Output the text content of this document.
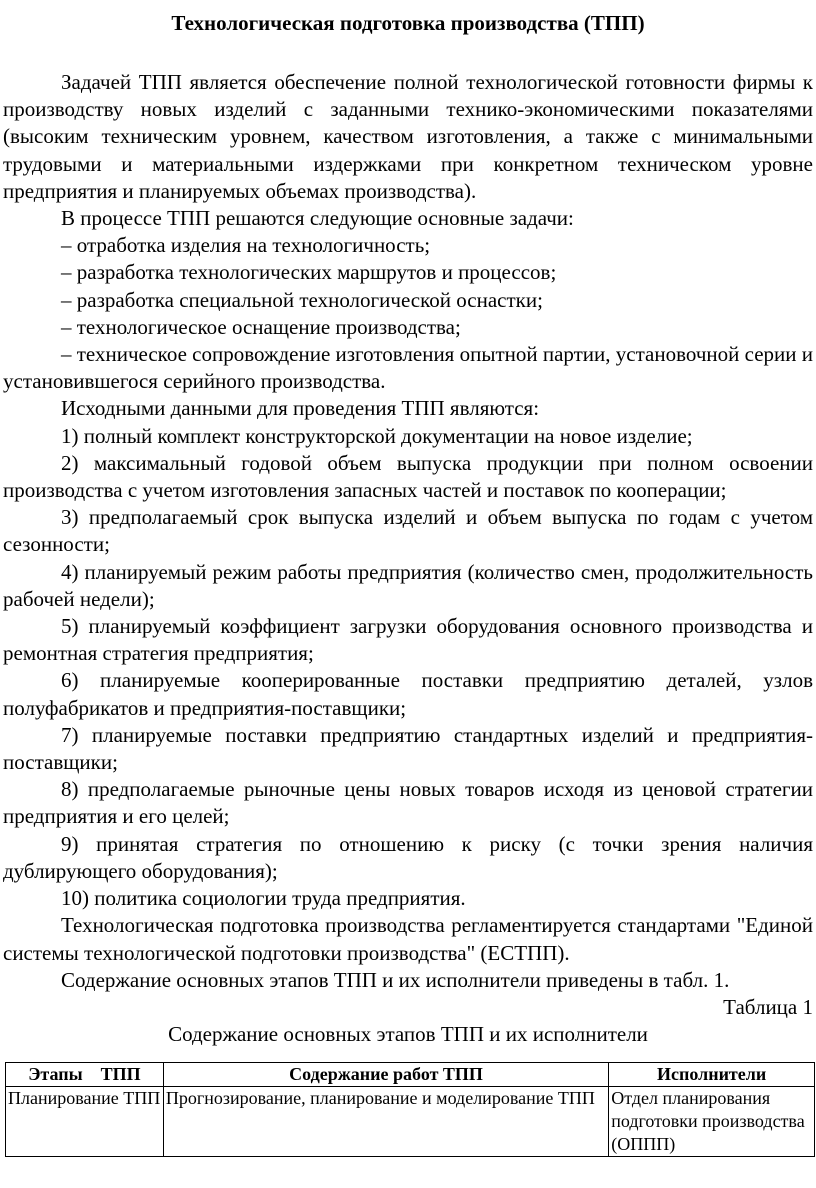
Технологическая подготовка производства (ТПП)

Задачей ТПП является обеспечение полной технологической готовности фирмы к производству новых изделий с заданными технико-экономическими показателями (высоким техническим уровнем, качеством изготовления, а также с минимальными трудовыми и материальными издержками при конкретном техническом уровне предприятия и планируемых объемах производства).

В процессе ТПП решаются следующие основные задачи:

– отработка изделия на технологичность;

– разработка технологических маршрутов и процессов;

– разработка специальной технологической оснастки;

– технологическое оснащение производства;

– техническое сопровождение изготовления опытной партии, установочной серии и установившегося серийного производства.

Исходными данными для проведения ТПП являются:

1) полный комплект конструкторской документации на новое изделие;

2) максимальный годовой объем выпуска продукции при полном освоении производства с учетом изготовления запасных частей и поставок по кооперации;

3) предполагаемый срок выпуска изделий и объем выпуска по годам с учетом сезонности;

4) планируемый режим работы предприятия (количество смен, продолжительность рабочей недели);

5) планируемый коэффициент загрузки оборудования основного производства и ремонтная стратегия предприятия;

6) планируемые кооперированные поставки предприятию деталей, узлов полуфабрикатов и предприятия-поставщики;

7) планируемые поставки предприятию стандартных изделий и предприятия-поставщики;

8) предполагаемые рыночные цены новых товаров исходя из ценовой стратегии предприятия и его целей;

9) принятая стратегия по отношению к риску (с точки зрения наличия дублирующего оборудования);

10) политика социологии труда предприятия.

Технологическая подготовка производства регламентируется стандартами "Единой системы технологической подготовки производства" (ЕСТПП).

Содержание основных этапов ТПП и их исполнители приведены в табл. 1.

Таблица 1

Содержание основных этапов ТПП и их исполнители

Этапы    ТПП	Содержание работ ТПП	Исполнители
Планирование ТПП	Прогнозирование, планирование и моделирование ТПП	Отдел планирования подготовки производства (ОППП)
